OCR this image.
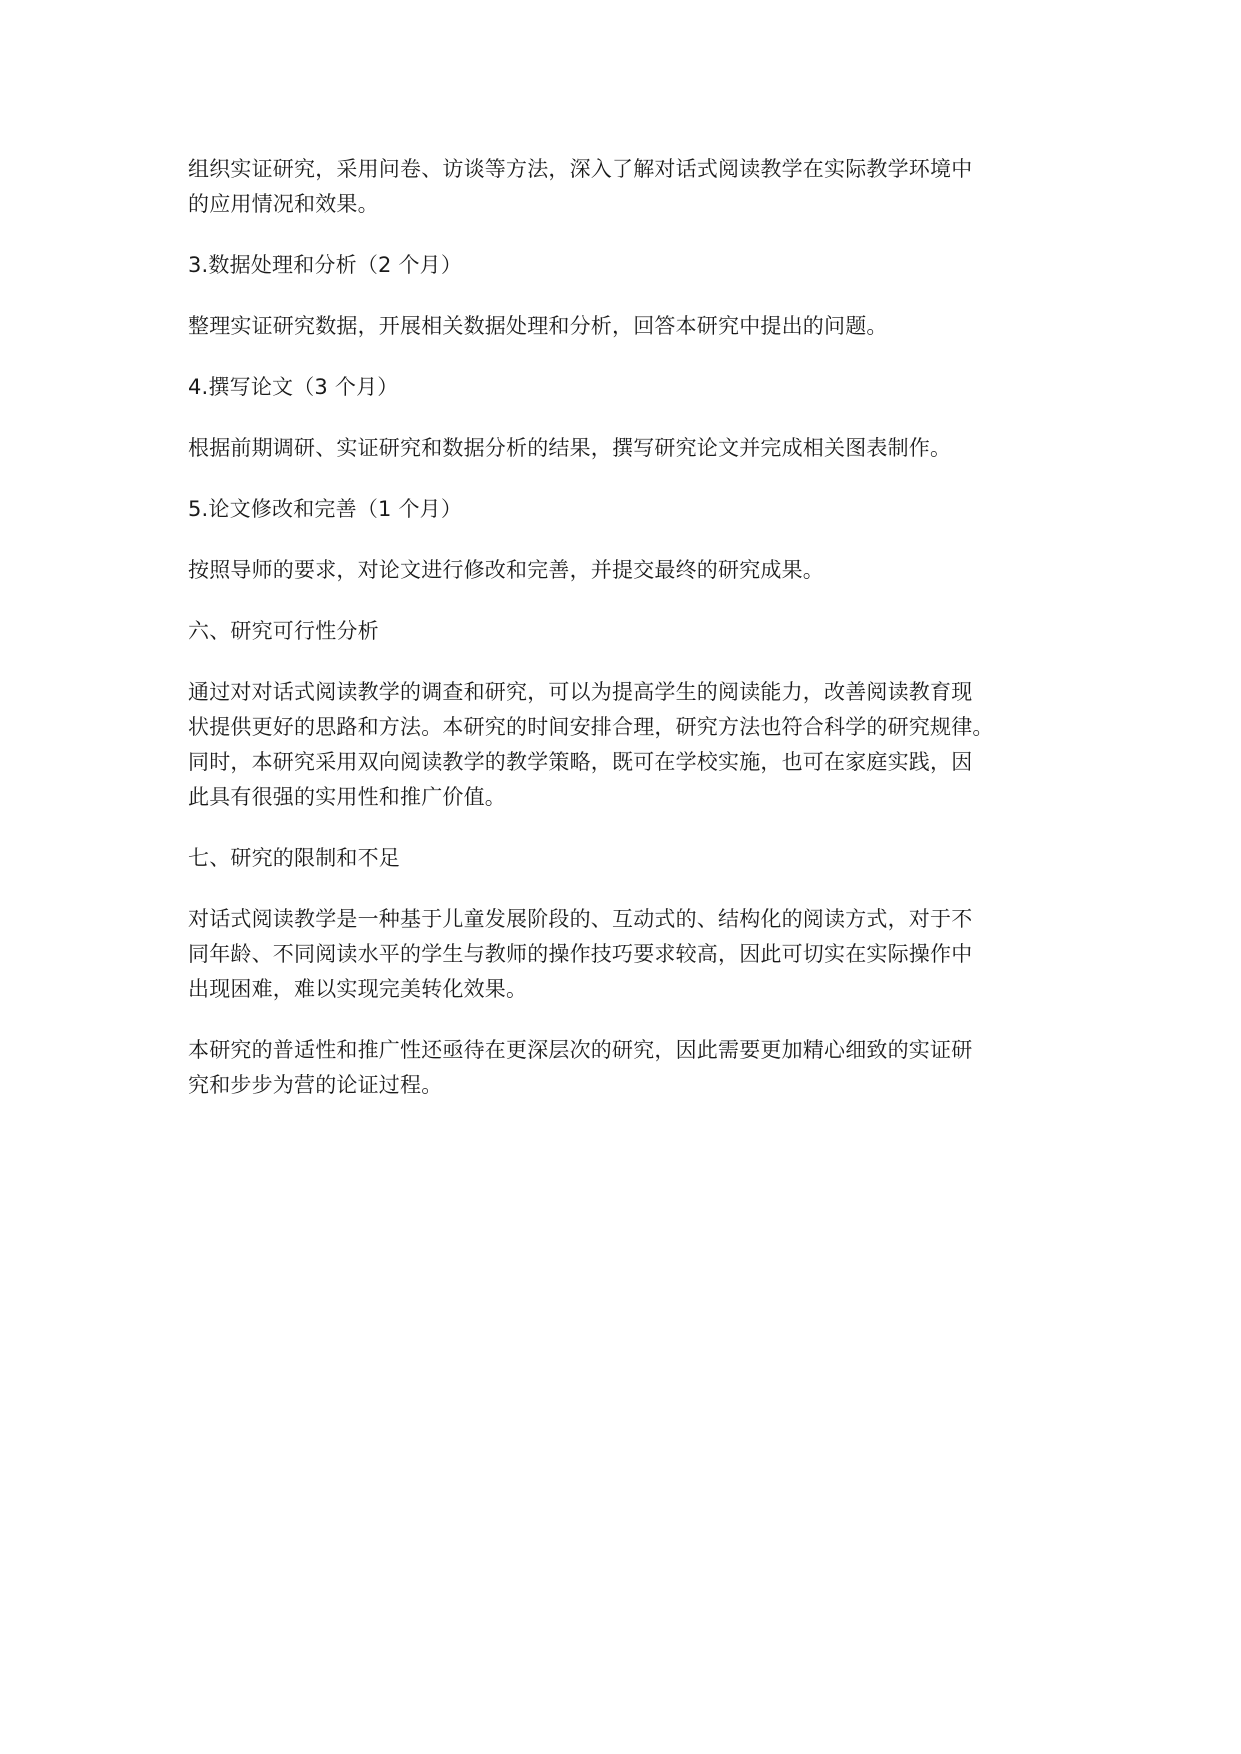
组织实证研究，采用问卷、访谈等方法，深入了解对话式阅读教学在实际教学环境中
的应用情况和效果。

3.数据处理和分析（2 个月）

整理实证研究数据，开展相关数据处理和分析，回答本研究中提出的问题。

4.撰写论文（3 个月）

根据前期调研、实证研究和数据分析的结果，撰写研究论文并完成相关图表制作。

5.论文修改和完善（1 个月）

按照导师的要求，对论文进行修改和完善，并提交最终的研究成果。

六、研究可行性分析

通过对对话式阅读教学的调查和研究，可以为提高学生的阅读能力，改善阅读教育现
状提供更好的思路和方法。本研究的时间安排合理，研究方法也符合科学的研究规律。
同时，本研究采用双向阅读教学的教学策略，既可在学校实施，也可在家庭实践，因
此具有很强的实用性和推广价值。

七、研究的限制和不足

对话式阅读教学是一种基于儿童发展阶段的、互动式的、结构化的阅读方式，对于不
同年龄、不同阅读水平的学生与教师的操作技巧要求较高，因此可切实在实际操作中
出现困难，难以实现完美转化效果。

本研究的普适性和推广性还亟待在更深层次的研究，因此需要更加精心细致的实证研
究和步步为营的论证过程。
